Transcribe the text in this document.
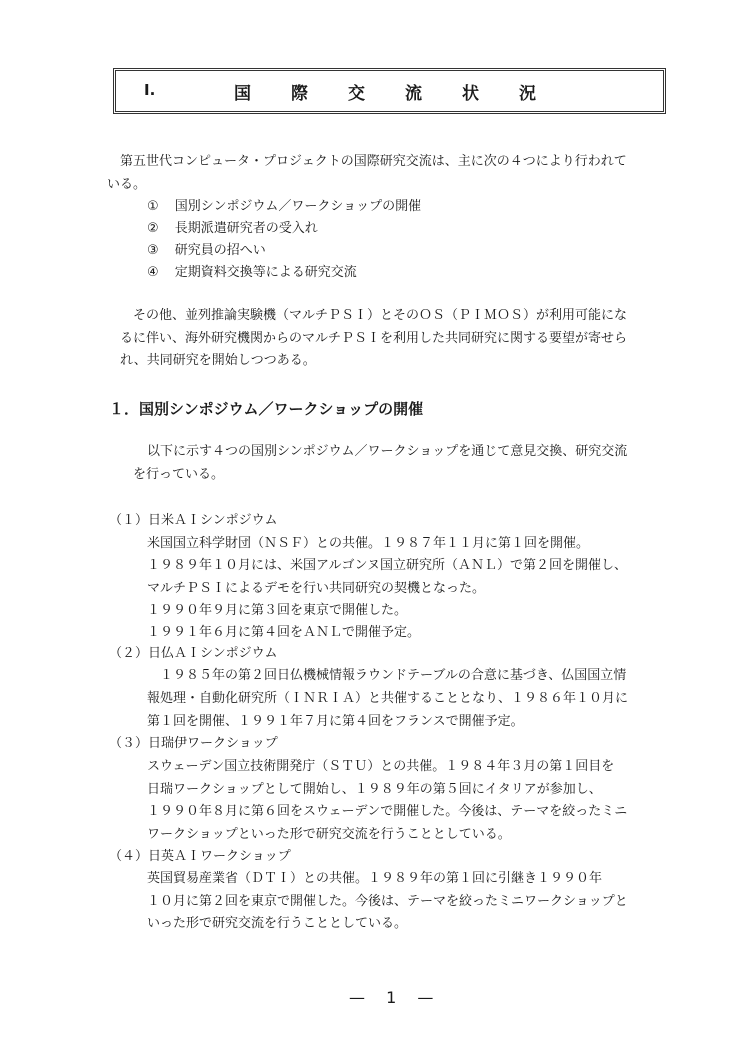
I.	国際交流状況
第五世代コンピュータ・プロジェクトの国際研究交流は、主に次の４つにより行われて
いる。
① 国別シンポジウム／ワークショップの開催
② 長期派遣研究者の受入れ
③ 研究員の招へい
④ 定期資料交換等による研究交流
その他、並列推論実験機（マルチＰＳＩ）とそのＯＳ（ＰＩＭＯＳ）が利用可能にな
るに伴い、海外研究機関からのマルチＰＳＩを利用した共同研究に関する要望が寄せら
れ、共同研究を開始しつつある。
１．国別シンポジウム／ワークショップの開催
以下に示す４つの国別シンポジウム／ワークショップを通じて意見交換、研究交流
を行っている。
（１）日米ＡＩシンポジウム
米国国立科学財団（ＮＳＦ）との共催。１９８７年１１月に第１回を開催。
１９８９年１０月には、米国アルゴンヌ国立研究所（ＡＮＬ）で第２回を開催し、
マルチＰＳＩによるデモを行い共同研究の契機となった。
１９９０年９月に第３回を東京で開催した。
１９９１年６月に第４回をＡＮＬで開催予定。
（２）日仏ＡＩシンポジウム
１９８５年の第２回日仏機械情報ラウンドテーブルの合意に基づき、仏国国立情
報処理・自動化研究所（ＩＮＲＩＡ）と共催することとなり、１９８６年１０月に
第１回を開催、１９９１年７月に第４回をフランスで開催予定。
（３）日瑞伊ワークショップ
スウェーデン国立技術開発庁（ＳＴＵ）との共催。１９８４年３月の第１回目を
日瑞ワークショップとして開始し、１９８９年の第５回にイタリアが参加し、
１９９０年８月に第６回をスウェーデンで開催した。今後は、テーマを絞ったミニ
ワークショップといった形で研究交流を行うこととしている。
（４）日英ＡＩワークショップ
英国貿易産業省（ＤＴＩ）との共催。１９８９年の第１回に引継き１９９０年
１０月に第２回を東京で開催した。今後は、テーマを絞ったミニワークショップと
いった形で研究交流を行うこととしている。
— 1 —
